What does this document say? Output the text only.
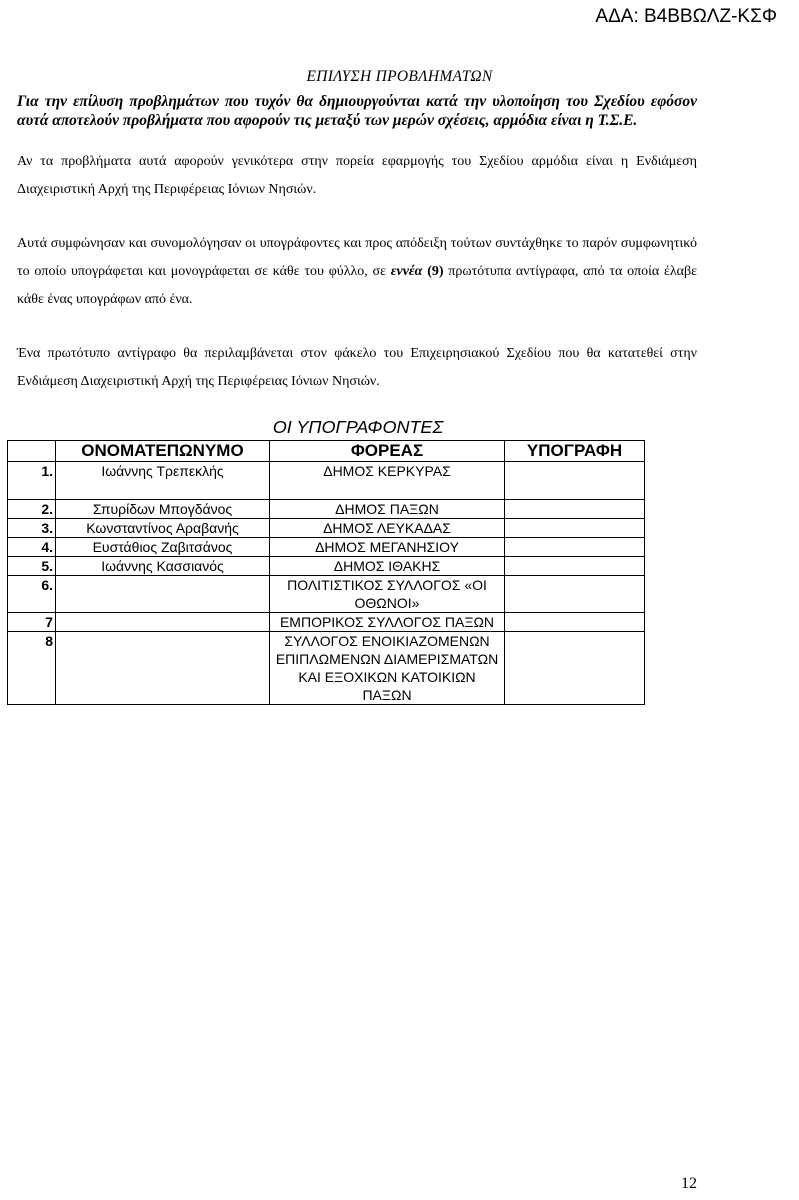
ΑΔΑ: Β4ΒΒΩΛΖ-ΚΣΦ
ΕΠΙΛΥΣΗ ΠΡΟΒΛΗΜΑΤΩΝ
Για την επίλυση προβλημάτων που τυχόν θα δημιουργούνται κατά την υλοποίηση του Σχεδίου εφόσον αυτά αποτελούν προβλήματα που αφορούν τις μεταξύ των μερών σχέσεις, αρμόδια είναι η Τ.Σ.Ε.
Αν τα προβλήματα αυτά αφορούν γενικότερα στην πορεία εφαρμογής του Σχεδίου αρμόδια είναι η Ενδιάμεση Διαχειριστική Αρχή της Περιφέρειας Ιόνιων Νησιών.
Αυτά συμφώνησαν και συνομολόγησαν οι υπογράφοντες και προς απόδειξη τούτων συντάχθηκε το παρόν συμφωνητικό το οποίο υπογράφεται και μονογράφεται σε κάθε του φύλλο, σε εννέα (9) πρωτότυπα αντίγραφα, από τα οποία έλαβε κάθε ένας υπογράφων από ένα.
Ένα πρωτότυπο αντίγραφο θα περιλαμβάνεται στον φάκελο του Επιχειρησιακού Σχεδίου που θα κατατεθεί στην Ενδιάμεση Διαχειριστική Αρχή της Περιφέρειας Ιόνιων Νησιών.
ΟΙ ΥΠΟΓΡΑΦΟΝΤΕΣ
	ΟΝΟΜΑΤΕΠΩΝΥΜΟ	ΦΟΡΕΑΣ	ΥΠΟΓΡΑΦΗ
1.	Ιωάννης Τρεπεκλής	ΔΗΜΟΣ ΚΕΡΚΥΡΑΣ	
2.	Σπυρίδων Μπογδάνος	ΔΗΜΟΣ ΠΑΞΩΝ	
3.	Κωνσταντίνος Αραβανής	ΔΗΜΟΣ ΛΕΥΚΑΔΑΣ	
4.	Ευστάθιος Ζαβιτσάνος	ΔΗΜΟΣ ΜΕΓΑΝΗΣΙΟΥ	
5.	Ιωάννης Κασσιανός	ΔΗΜΟΣ ΙΘΑΚΗΣ	
6.		ΠΟΛΙΤΙΣΤΙΚΟΣ ΣΥΛΛΟΓΟΣ «ΟΙ ΟΘΩΝΟΙ»	
7		ΕΜΠΟΡΙΚΟΣ ΣΥΛΛΟΓΟΣ ΠΑΞΩΝ	
8		ΣΥΛΛΟΓΟΣ ΕΝΟΙΚΙΑΖΟΜΕΝΩΝ ΕΠΙΠΛΩΜΕΝΩΝ ΔΙΑΜΕΡΙΣΜΑΤΩΝ ΚΑΙ ΕΞΟΧΙΚΩΝ ΚΑΤΟΙΚΙΩΝ ΠΑΞΩΝ	
12
